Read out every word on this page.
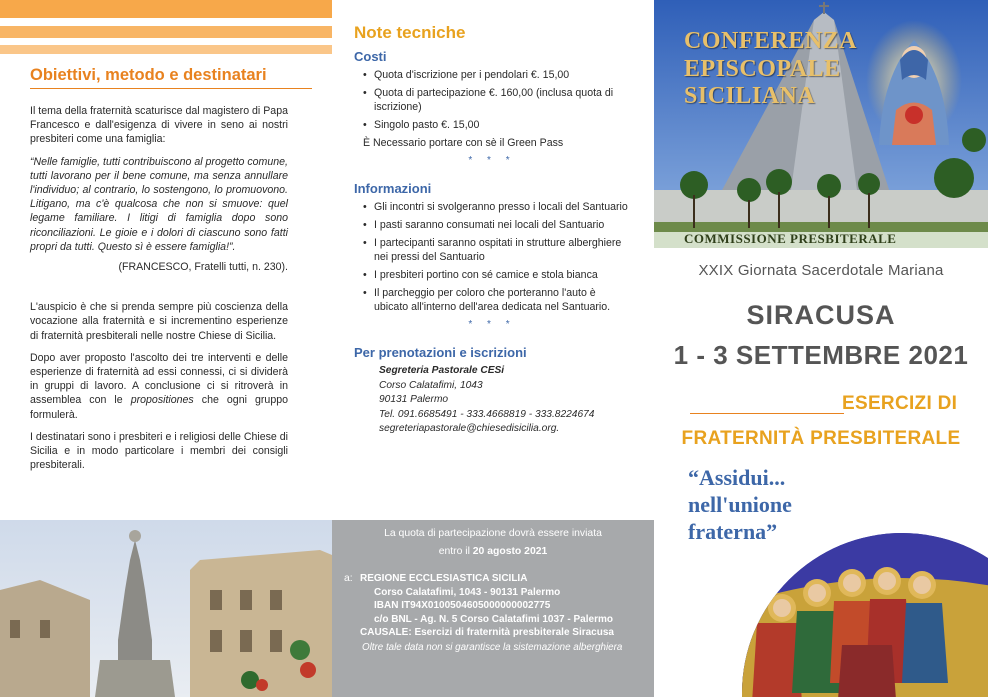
Obiettivi, metodo e destinatari

Il tema della fraternità scaturisce dal magistero di Papa Francesco e dall'esigenza di vivere in seno ai nostri presbiteri come una famiglia:

“Nelle famiglie, tutti contribuiscono al progetto comune, tutti lavorano per il bene comune, ma senza annullare l'individuo; al contrario, lo sostengono, lo promuovono. Litigano, ma c'è qualcosa che non si smuove: quel legame familiare. I litigi di famiglia dopo sono riconciliazioni. Le gioie e i dolori di ciascuno sono fatti propri da tutti. Questo sì è essere famiglia!”.

(FRANCESCO, Fratelli tutti, n. 230).

L'auspicio è che si prenda sempre più coscienza della vocazione alla fraternità e si incrementino esperienze di fraternità presbiterali nelle nostre Chiese di Sicilia.

Dopo aver proposto l'ascolto dei tre interventi e delle esperienze di fraternità ad essi connessi, ci si dividerà in gruppi di lavoro. A conclusione ci si ritroverà in assemblea con le propositiones che ogni gruppo formulerà.

I destinatari sono i presbiteri e i religiosi delle Chiese di Sicilia e in modo particolare i membri dei consigli presbiterali.

Note tecniche
Costi
• Quota d'iscrizione per i pendolari €. 15,00
• Quota di partecipazione €. 160,00 (inclusa quota di iscrizione)
• Singolo pasto €. 15,00
È Necessario portare con sè il Green Pass
* * *
Informazioni
• Gli incontri si svolgeranno presso i locali del Santuario
• I pasti saranno consumati nei locali del Santuario
• I partecipanti saranno ospitati in strutture alberghiere nei pressi del Santuario
• I presbiteri portino con sé camice e stola bianca
• Il parcheggio per coloro che porteranno l'auto è ubicato all'interno dell'area dedicata nel Santuario.
* * *
Per prenotazioni e iscrizioni
Segreteria Pastorale CESi
Corso Calatafimi, 1043
90131 Palermo
Tel. 091.6685491 - 333.4668819 - 333.8224674
segreteriapastorale@chiesedisicilia.org.
La quota di partecipazione dovrà essere inviata
entro il 20 agosto 2021
a: REGIONE ECCLESIASTICA SICILIA
Corso Calatafimi, 1043 - 90131 Palermo
IBAN IT94X0100504605000000002775
c/o BNL - Ag. N. 5 Corso Calatafimi 1037 - Palermo
CAUSALE: Esercizi di fraternità presbiterale Siracusa
Oltre tale data non si garantisce la sistemazione alberghiera
CONFERENZA
EPISCOPALE
SICILIANA
COMMISSIONE PRESBITERALE
XXIX Giornata Sacerdotale Mariana
SIRACUSA
1 - 3 SETTEMBRE 2021
ESERCIZI DI
FRATERNITÀ PRESBITERALE
“Assidui...
nell'unione
fraterna”
